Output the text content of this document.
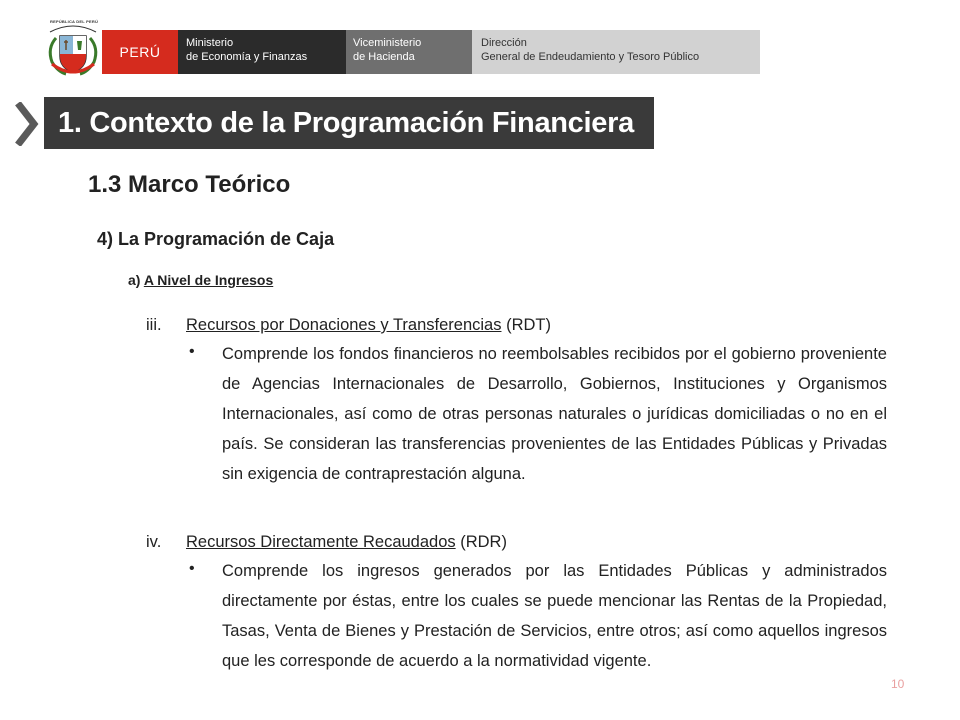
REPÚBLICA DEL PERÚ
PERÚ
Ministerio
de Economía y Finanzas
Viceministerio
de Hacienda
Dirección
General de Endeudamiento y Tesoro Público
1. Contexto de la Programación Financiera
1.3 Marco Teórico
4) La Programación de Caja
a) A Nivel de Ingresos
iii. Recursos por Donaciones y Transferencias (RDT)
• Comprende los fondos financieros no reembolsables recibidos por el gobierno proveniente de Agencias Internacionales de Desarrollo, Gobiernos, Instituciones y Organismos Internacionales, así como de otras personas naturales o jurídicas domiciliadas o no en el país. Se consideran las transferencias provenientes de las Entidades Públicas y Privadas sin exigencia de contraprestación alguna.
iv. Recursos Directamente Recaudados (RDR)
• Comprende los ingresos generados por las Entidades Públicas y administrados directamente por éstas, entre los cuales se puede mencionar las Rentas de la Propiedad, Tasas, Venta de Bienes y Prestación de Servicios, entre otros; así como aquellos ingresos que les corresponde de acuerdo a la normatividad vigente.
10
